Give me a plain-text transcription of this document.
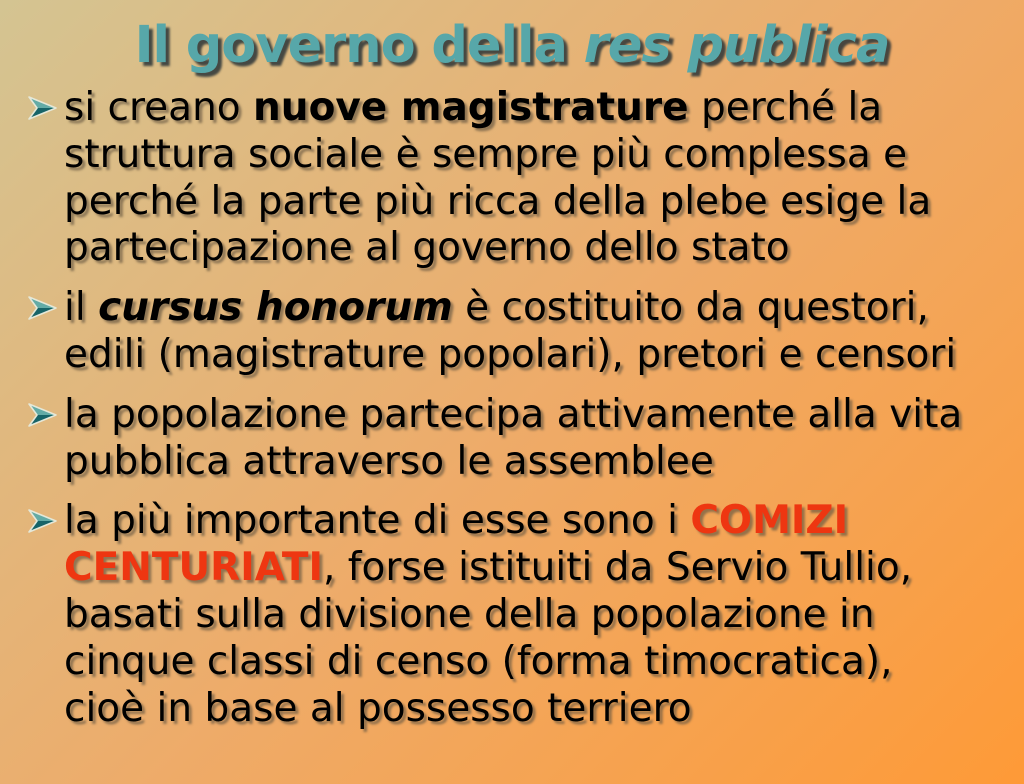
Il governo della res publica

si creano nuove magistrature perché la struttura sociale è sempre più complessa e perché la parte più ricca della plebe esige la partecipazione al governo dello stato

il cursus honorum è costituito da questori, edili (magistrature popolari), pretori e censori

la popolazione partecipa attivamente alla vita pubblica attraverso le assemblee

la più importante di esse sono i COMIZI CENTURIATI, forse istituiti da Servio Tullio, basati sulla divisione della popolazione in cinque classi di censo (forma timocratica), cioè in base al possesso terriero
